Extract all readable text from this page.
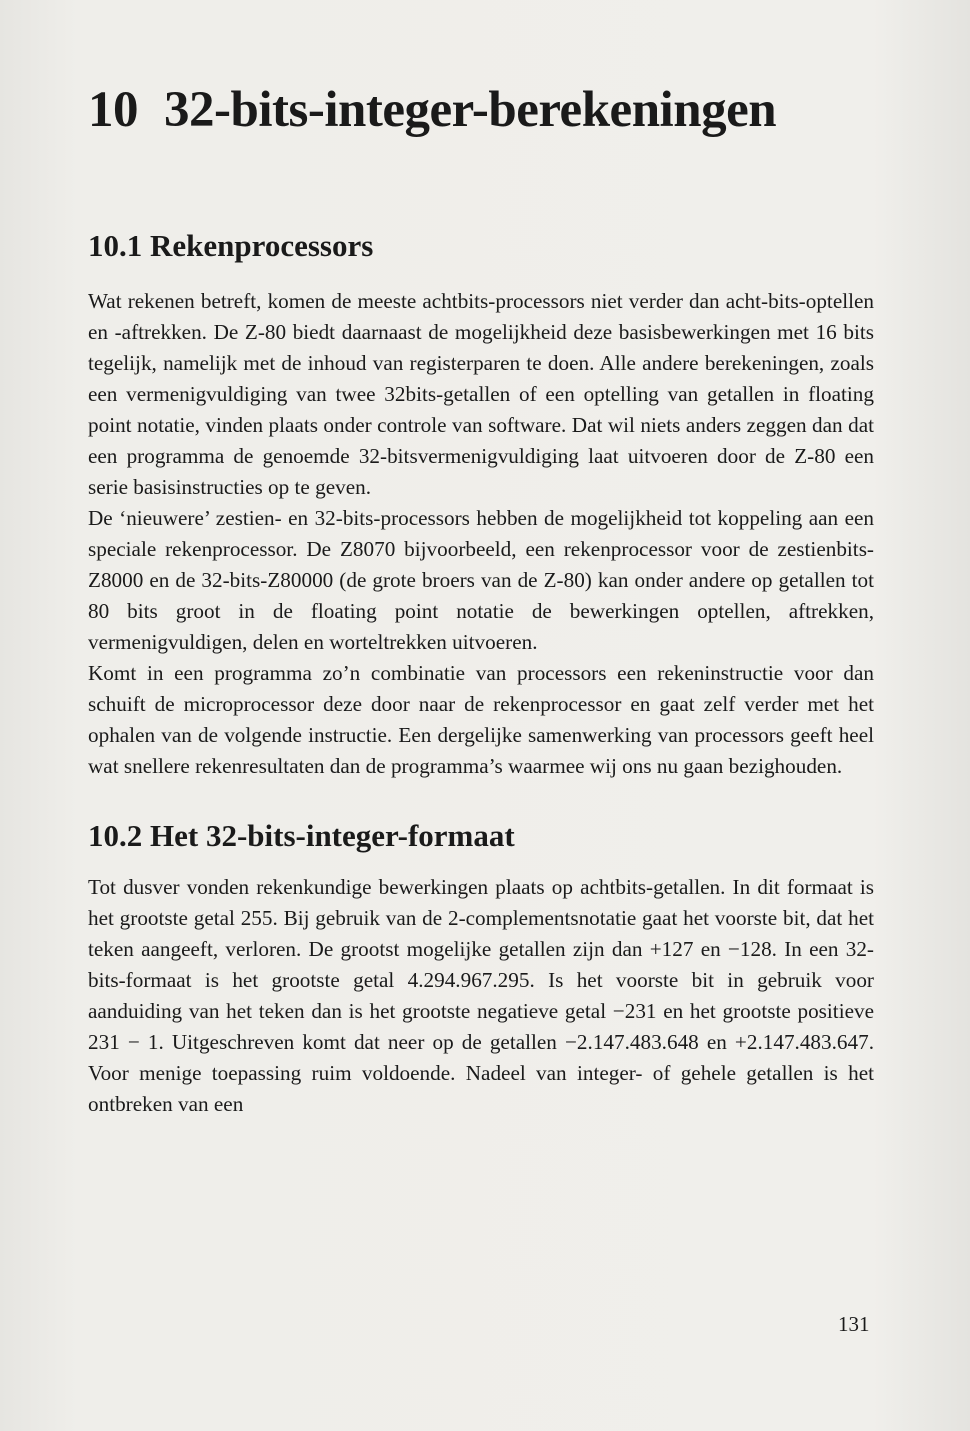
10 32-bits-integer-berekeningen
10.1 Rekenprocessors

Wat rekenen betreft, komen de meeste achtbits-processors niet verder dan acht-bits-optellen en -aftrekken. De Z-80 biedt daarnaast de mogelijkheid deze basisbewerkingen met 16 bits tegelijk, namelijk met de inhoud van registerparen te doen. Alle andere berekeningen, zoals een vermenigvuldiging van twee 32bits-getallen of een optelling van getallen in floating point notatie, vinden plaats onder controle van software. Dat wil niets anders zeggen dan dat een programma de genoemde 32-bitsvermenigvuldiging laat uitvoeren door de Z-80 een serie basisinstructies op te geven.

De ‘nieuwere’ zestien- en 32-bits-processors hebben de mogelijkheid tot koppeling aan een speciale rekenprocessor. De Z8070 bijvoorbeeld, een rekenprocessor voor de zestienbits-Z8000 en de 32-bits-Z80000 (de grote broers van de Z-80) kan onder andere op getallen tot 80 bits groot in de floating point notatie de bewerkingen optellen, aftrekken, vermenigvuldigen, delen en worteltrekken uitvoeren.

Komt in een programma zo’n combinatie van processors een rekeninstructie voor dan schuift de microprocessor deze door naar de rekenprocessor en gaat zelf verder met het ophalen van de volgende instructie. Een dergelijke samenwerking van processors geeft heel wat snellere rekenresultaten dan de programma’s waarmee wij ons nu gaan bezighouden.

10.2 Het 32-bits-integer-formaat

Tot dusver vonden rekenkundige bewerkingen plaats op achtbits-getallen. In dit formaat is het grootste getal 255. Bij gebruik van de 2-complementsnotatie gaat het voorste bit, dat het teken aangeeft, verloren. De grootst mogelijke getallen zijn dan +127 en −128. In een 32-bits-formaat is het grootste getal 4.294.967.295. Is het voorste bit in gebruik voor aanduiding van het teken dan is het grootste negatieve getal −231 en het grootste positieve 231 − 1. Uitgeschreven komt dat neer op de getallen −2.147.483.648 en +2.147.483.647. Voor menige toepassing ruim voldoende. Nadeel van integer- of gehele getallen is het ontbreken van een

131
